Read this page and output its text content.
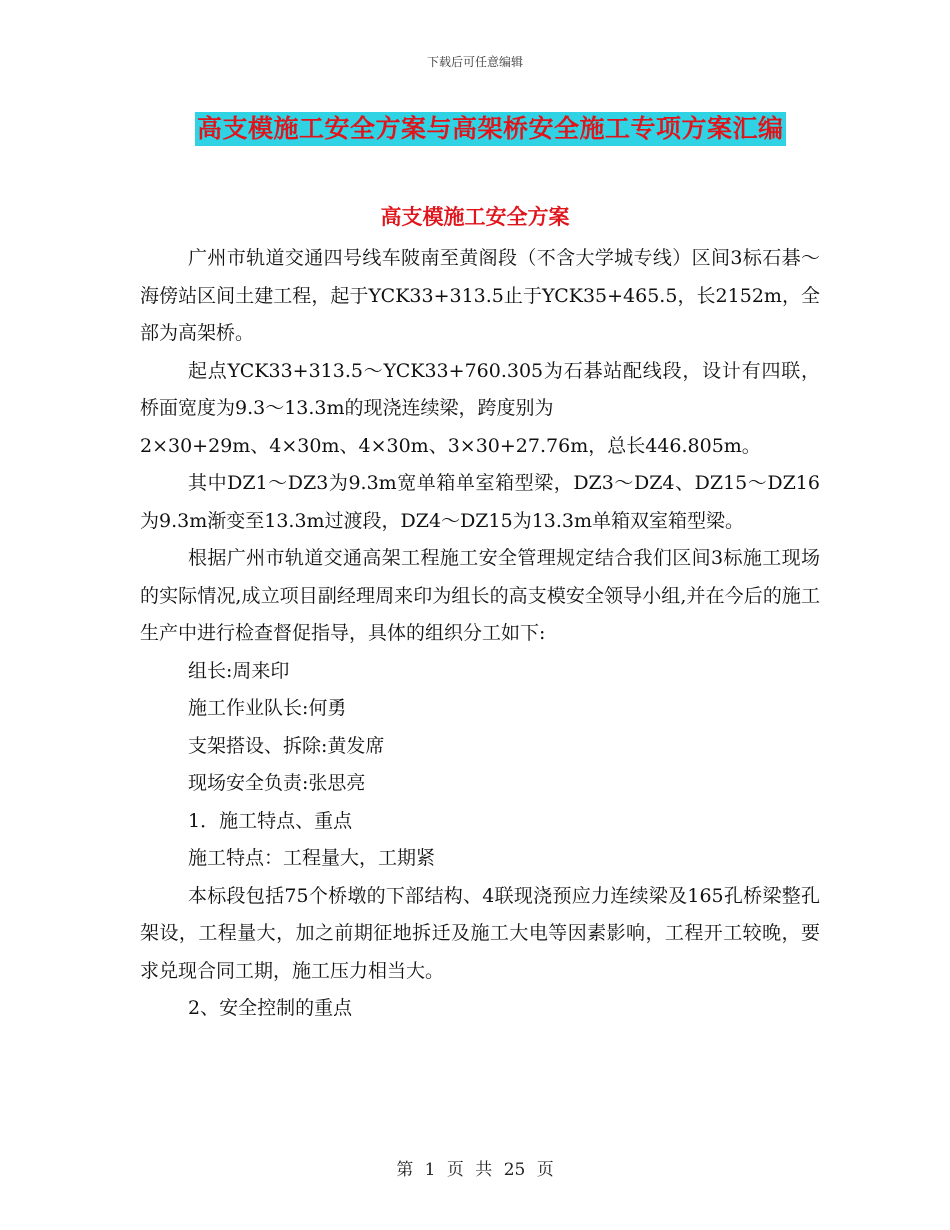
下载后可任意编辑
高支模施工安全方案与高架桥安全施工专项方案汇编
高支模施工安全方案

广州市轨道交通四号线车陂南至黄阁段（不含大学城专线）区间3标石碁～海傍站区间土建工程，起于YCK33+313.5止于YCK35+465.5，长2152m，全部为高架桥。

起点YCK33+313.5～YCK33+760.305为石碁站配线段，设计有四联，桥面宽度为9.3～13.3m的现浇连续梁，跨度别为

2×30+29m、4×30m、4×30m、3×30+27.76m，总长446.805m。

其中DZ1～DZ3为9.3m宽单箱单室箱型梁，DZ3～DZ4、DZ15～DZ16为9.3m渐变至13.3m过渡段，DZ4～DZ15为13.3m单箱双室箱型梁。

根据广州市轨道交通高架工程施工安全管理规定结合我们区间3标施工现场的实际情况,成立项目副经理周来印为组长的高支模安全领导小组,并在今后的施工生产中进行检查督促指导，具体的组织分工如下:

组长:周来印

施工作业队长:何勇

支架搭设、拆除:黄发席

现场安全负责:张思亮

1．施工特点、重点

施工特点：工程量大，工期紧

本标段包括75个桥墩的下部结构、4联现浇预应力连续梁及165孔桥梁整孔架设，工程量大，加之前期征地拆迁及施工大电等因素影响，工程开工较晚，要求兑现合同工期，施工压力相当大。

2、安全控制的重点

第 1 页 共 25 页
